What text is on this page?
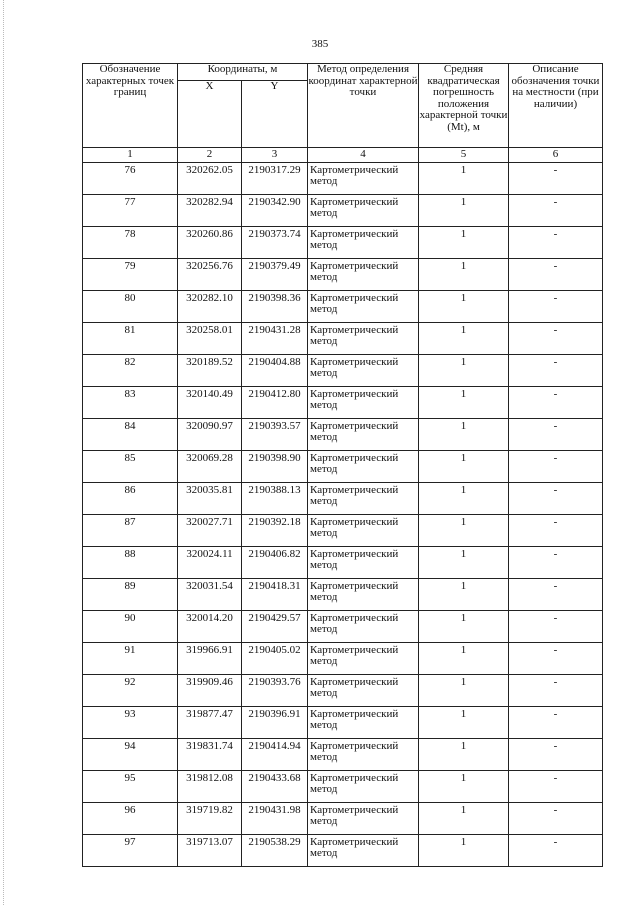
385
Обозначение характерных точек границ	Координаты, м		Метод определения координат характерной точки	Средняя квадратическая погрешность положения характерной точки (Mt), м	Описание обозначения точки на местности (при наличии)
	X	Y			
1	2	3	4	5	6
76	320262.05	2190317.29	Картометрический метод	1	-
77	320282.94	2190342.90	Картометрический метод	1	-
78	320260.86	2190373.74	Картометрический метод	1	-
79	320256.76	2190379.49	Картометрический метод	1	-
80	320282.10	2190398.36	Картометрический метод	1	-
81	320258.01	2190431.28	Картометрический метод	1	-
82	320189.52	2190404.88	Картометрический метод	1	-
83	320140.49	2190412.80	Картометрический метод	1	-
84	320090.97	2190393.57	Картометрический метод	1	-
85	320069.28	2190398.90	Картометрический метод	1	-
86	320035.81	2190388.13	Картометрический метод	1	-
87	320027.71	2190392.18	Картометрический метод	1	-
88	320024.11	2190406.82	Картометрический метод	1	-
89	320031.54	2190418.31	Картометрический метод	1	-
90	320014.20	2190429.57	Картометрический метод	1	-
91	319966.91	2190405.02	Картометрический метод	1	-
92	319909.46	2190393.76	Картометрический метод	1	-
93	319877.47	2190396.91	Картометрический метод	1	-
94	319831.74	2190414.94	Картометрический метод	1	-
95	319812.08	2190433.68	Картометрический метод	1	-
96	319719.82	2190431.98	Картометрический метод	1	-
97	319713.07	2190538.29	Картометрический метод	1	-
